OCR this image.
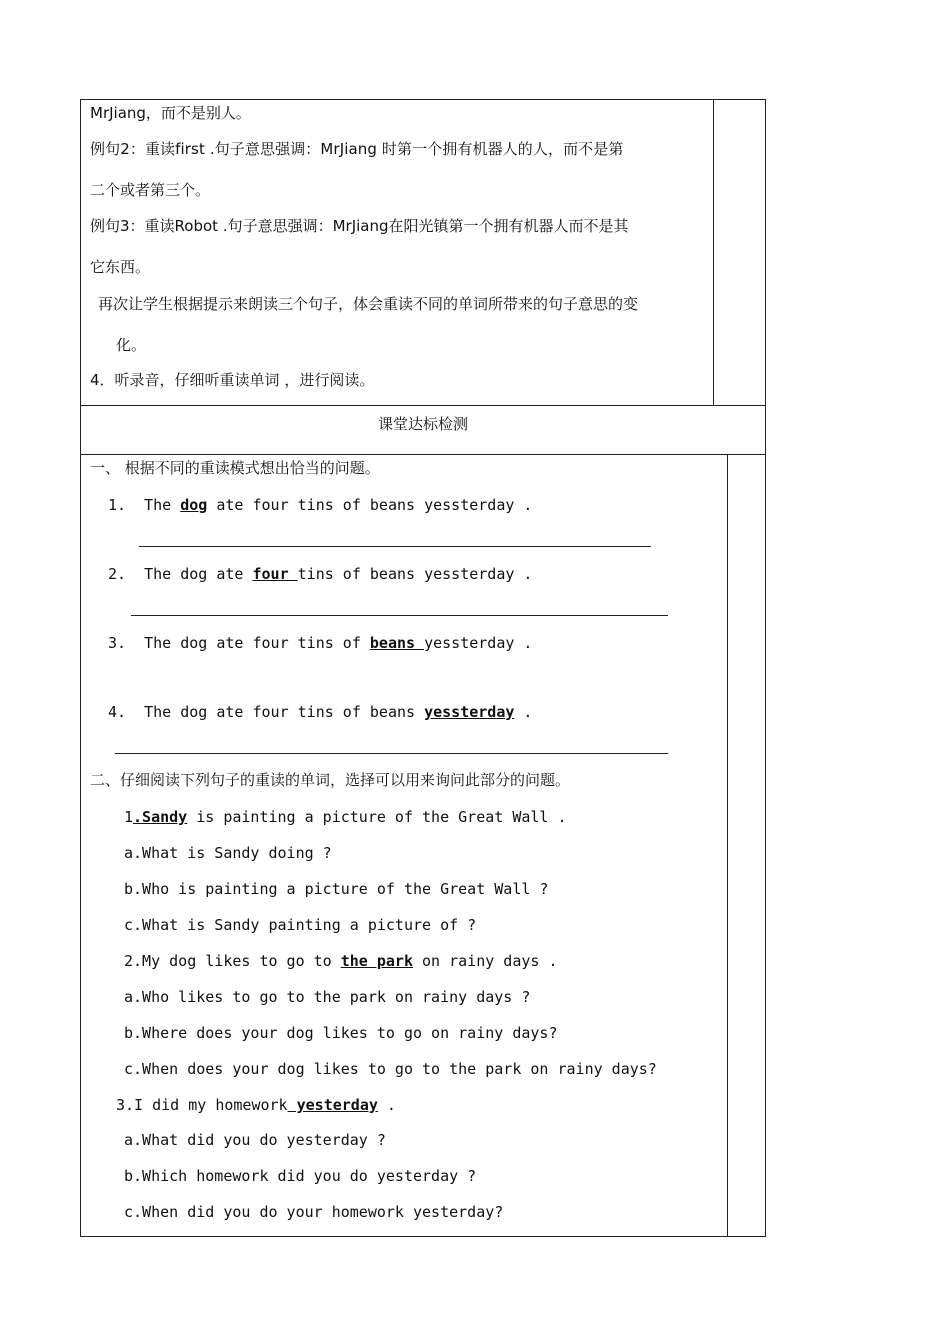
MrJiang，而不是别人。
例句2：重读first .句子意思强调：MrJiang 时第一个拥有机器人的人，而不是第
二个或者第三个。
例句3：重读Robot .句子意思强调：MrJiang在阳光镇第一个拥有机器人而不是其
它东西。
再次让学生根据提示来朗读三个句子，体会重读不同的单词所带来的句子意思的变
化。
4．听录音，仔细听重读单词 ，进行阅读。
课堂达标检测
一、 根据不同的重读模式想出恰当的问题。
1. The dog ate four tins of beans yessterday .
2. The dog ate four tins of beans yessterday .
3. The dog ate four tins of beans yessterday .
4. The dog ate four tins of beans yessterday .
二、仔细阅读下列句子的重读的单词，选择可以用来询问此部分的问题。
1.Sandy is painting a picture of the Great Wall .
a.What is Sandy doing ?
b.Who is painting a picture of the Great Wall ?
c.What is Sandy painting a picture of ?
2.My dog likes to go to the park on rainy days .
a.Who likes to go to the park on rainy days ?
b.Where does your dog likes to go on rainy days?
c.When does your dog likes to go to the park on rainy days?
3.I did my homework yesterday .
a.What did you do yesterday ?
b.Which homework did you do yesterday ?
c.When did you do your homework yesterday?
